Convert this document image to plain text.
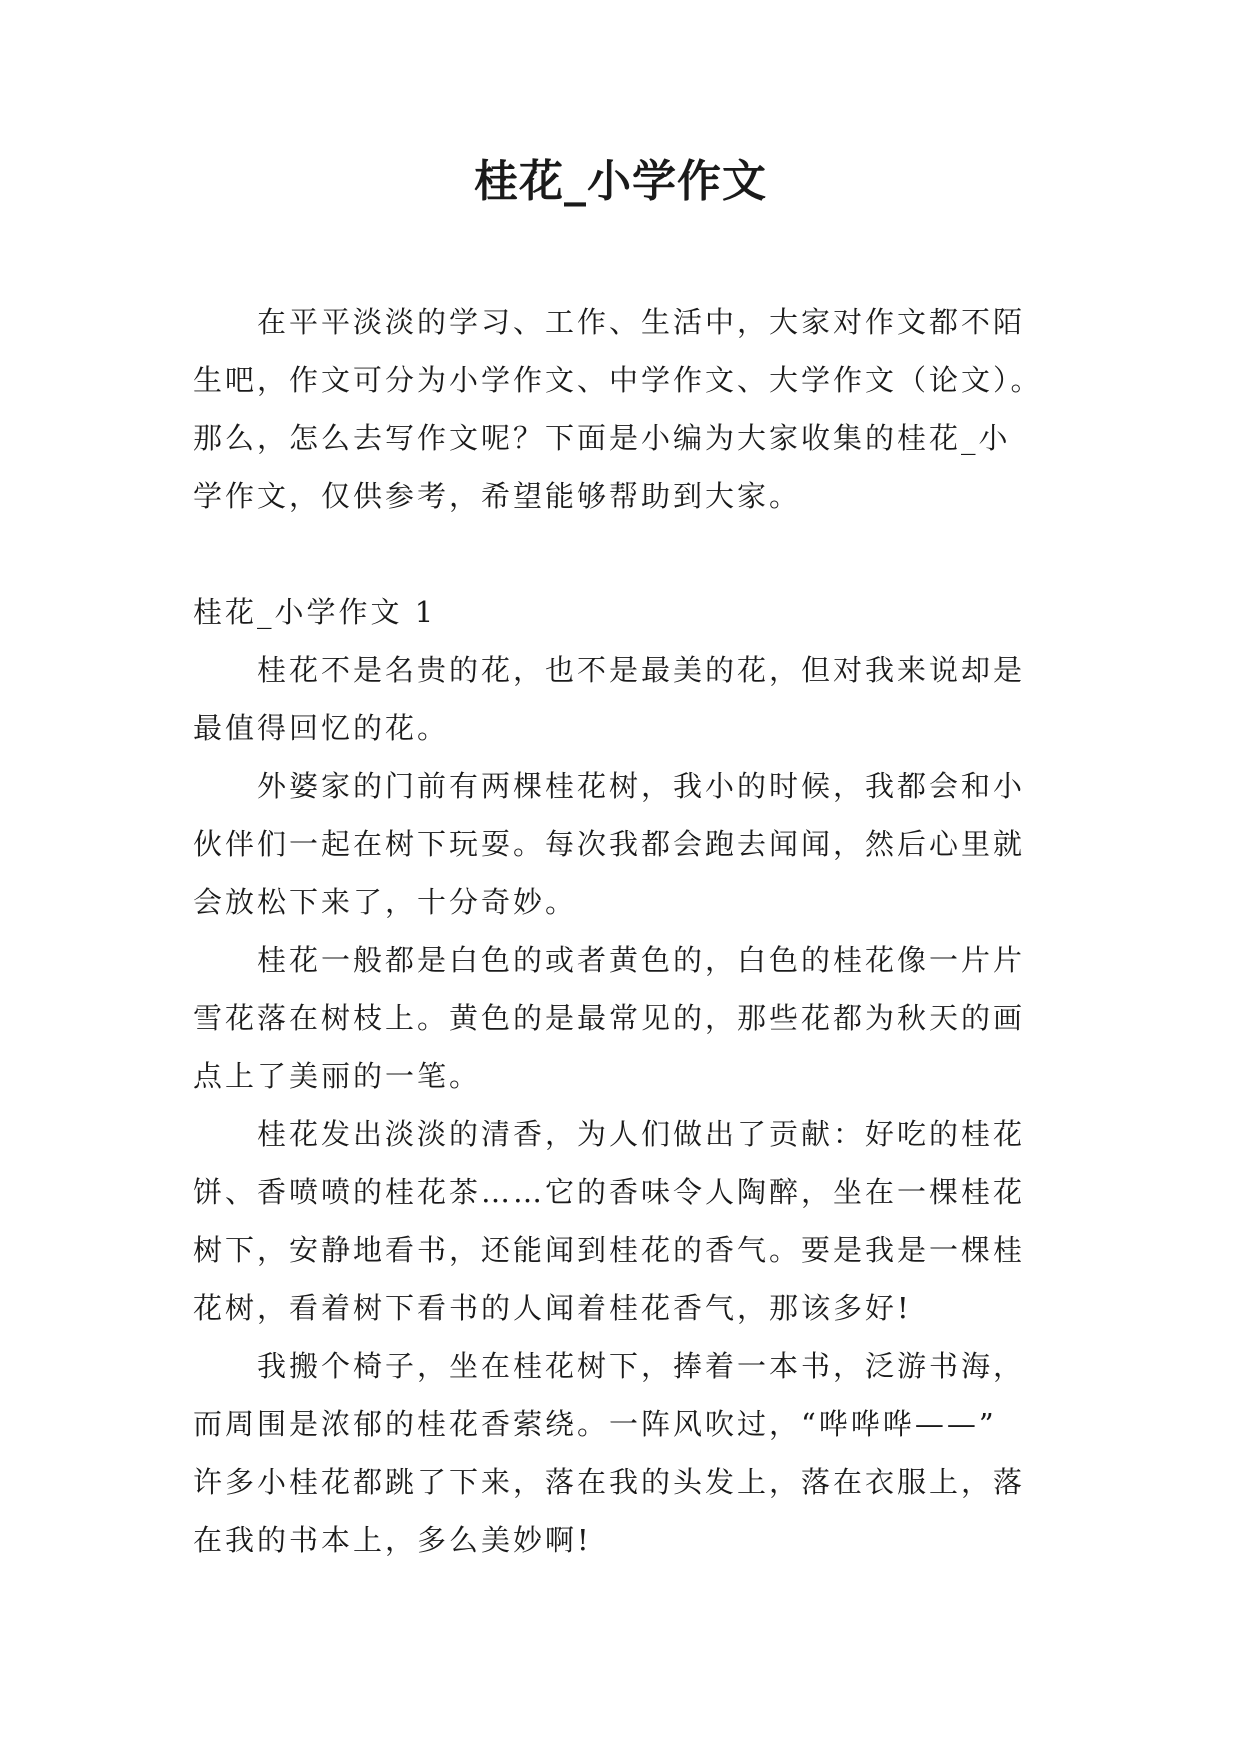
桂花_小学作文

在平平淡淡的学习、工作、生活中，大家对作文都不陌
生吧，作文可分为小学作文、中学作文、大学作文（论文）。
那么，怎么去写作文呢？下面是小编为大家收集的桂花_小
学作文，仅供参考，希望能够帮助到大家。

桂花_小学作文 1

桂花不是名贵的花，也不是最美的花，但对我来说却是
最值得回忆的花。

外婆家的门前有两棵桂花树，我小的时候，我都会和小
伙伴们一起在树下玩耍。每次我都会跑去闻闻，然后心里就
会放松下来了，十分奇妙。

桂花一般都是白色的或者黄色的，白色的桂花像一片片
雪花落在树枝上。黄色的是最常见的，那些花都为秋天的画
点上了美丽的一笔。

桂花发出淡淡的清香，为人们做出了贡献：好吃的桂花
饼、香喷喷的桂花茶……它的香味令人陶醉，坐在一棵桂花
树下，安静地看书，还能闻到桂花的香气。要是我是一棵桂
花树，看着树下看书的人闻着桂花香气，那该多好!

我搬个椅子，坐在桂花树下，捧着一本书，泛游书海，
而周围是浓郁的桂花香萦绕。一阵风吹过，“哗哗哗——”
许多小桂花都跳了下来，落在我的头发上，落在衣服上，落
在我的书本上，多么美妙啊!
